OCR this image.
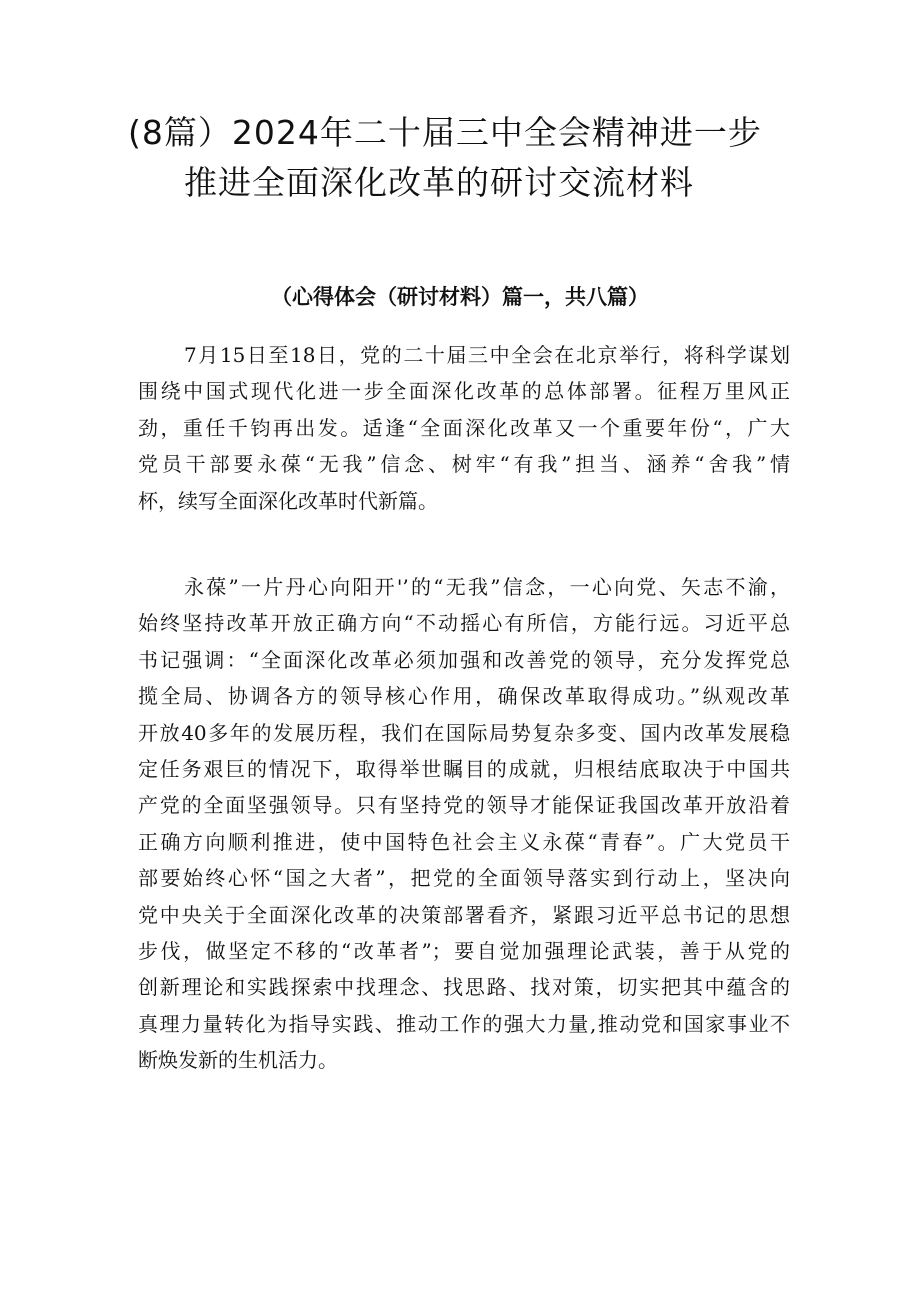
(8篇）2024年二十届三中全会精神进一步
推进全面深化改革的研讨交流材料
（心得体会（研讨材料）篇一，共八篇）

7月15日至18日，党的二十届三中全会在北京举行，将科学谋划
围绕中国式现代化进一步全面深化改革的总体部署。征程万里风正
劲，重任千钧再出发。适逢“全面深化改革又一个重要年份“，广大
党员干部要永葆“无我”信念、树牢“有我”担当、涵养“舍我”情
杯，续写全面深化改革时代新篇。

永葆”一片丹心向阳开'’的“无我”信念，一心向党、矢志不渝，
始终坚持改革开放正确方向“不动摇心有所信，方能行远。习近平总
书记强调：“全面深化改革必须加强和改善党的领导，充分发挥党总
揽全局、协调各方的领导核心作用，确保改革取得成功。”纵观改革
开放40多年的发展历程，我们在国际局势复杂多变、国内改革发展稳
定任务艰巨的情况下，取得举世瞩目的成就，归根结底取决于中国共
产党的全面坚强领导。只有坚持党的领导才能保证我国改革开放沿着
正确方向顺利推进，使中国特色社会主义永葆“青春”。广大党员干
部要始终心怀“国之大者”，把党的全面领导落实到行动上，坚决向
党中央关于全面深化改革的决策部署看齐，紧跟习近平总书记的思想
步伐，做坚定不移的“改革者”；要自觉加强理论武装，善于从党的
创新理论和实践探索中找理念、找思路、找对策，切实把其中蕴含的
真理力量转化为指导实践、推动工作的强大力量,推动党和国家事业不
断焕发新的生机活力。
